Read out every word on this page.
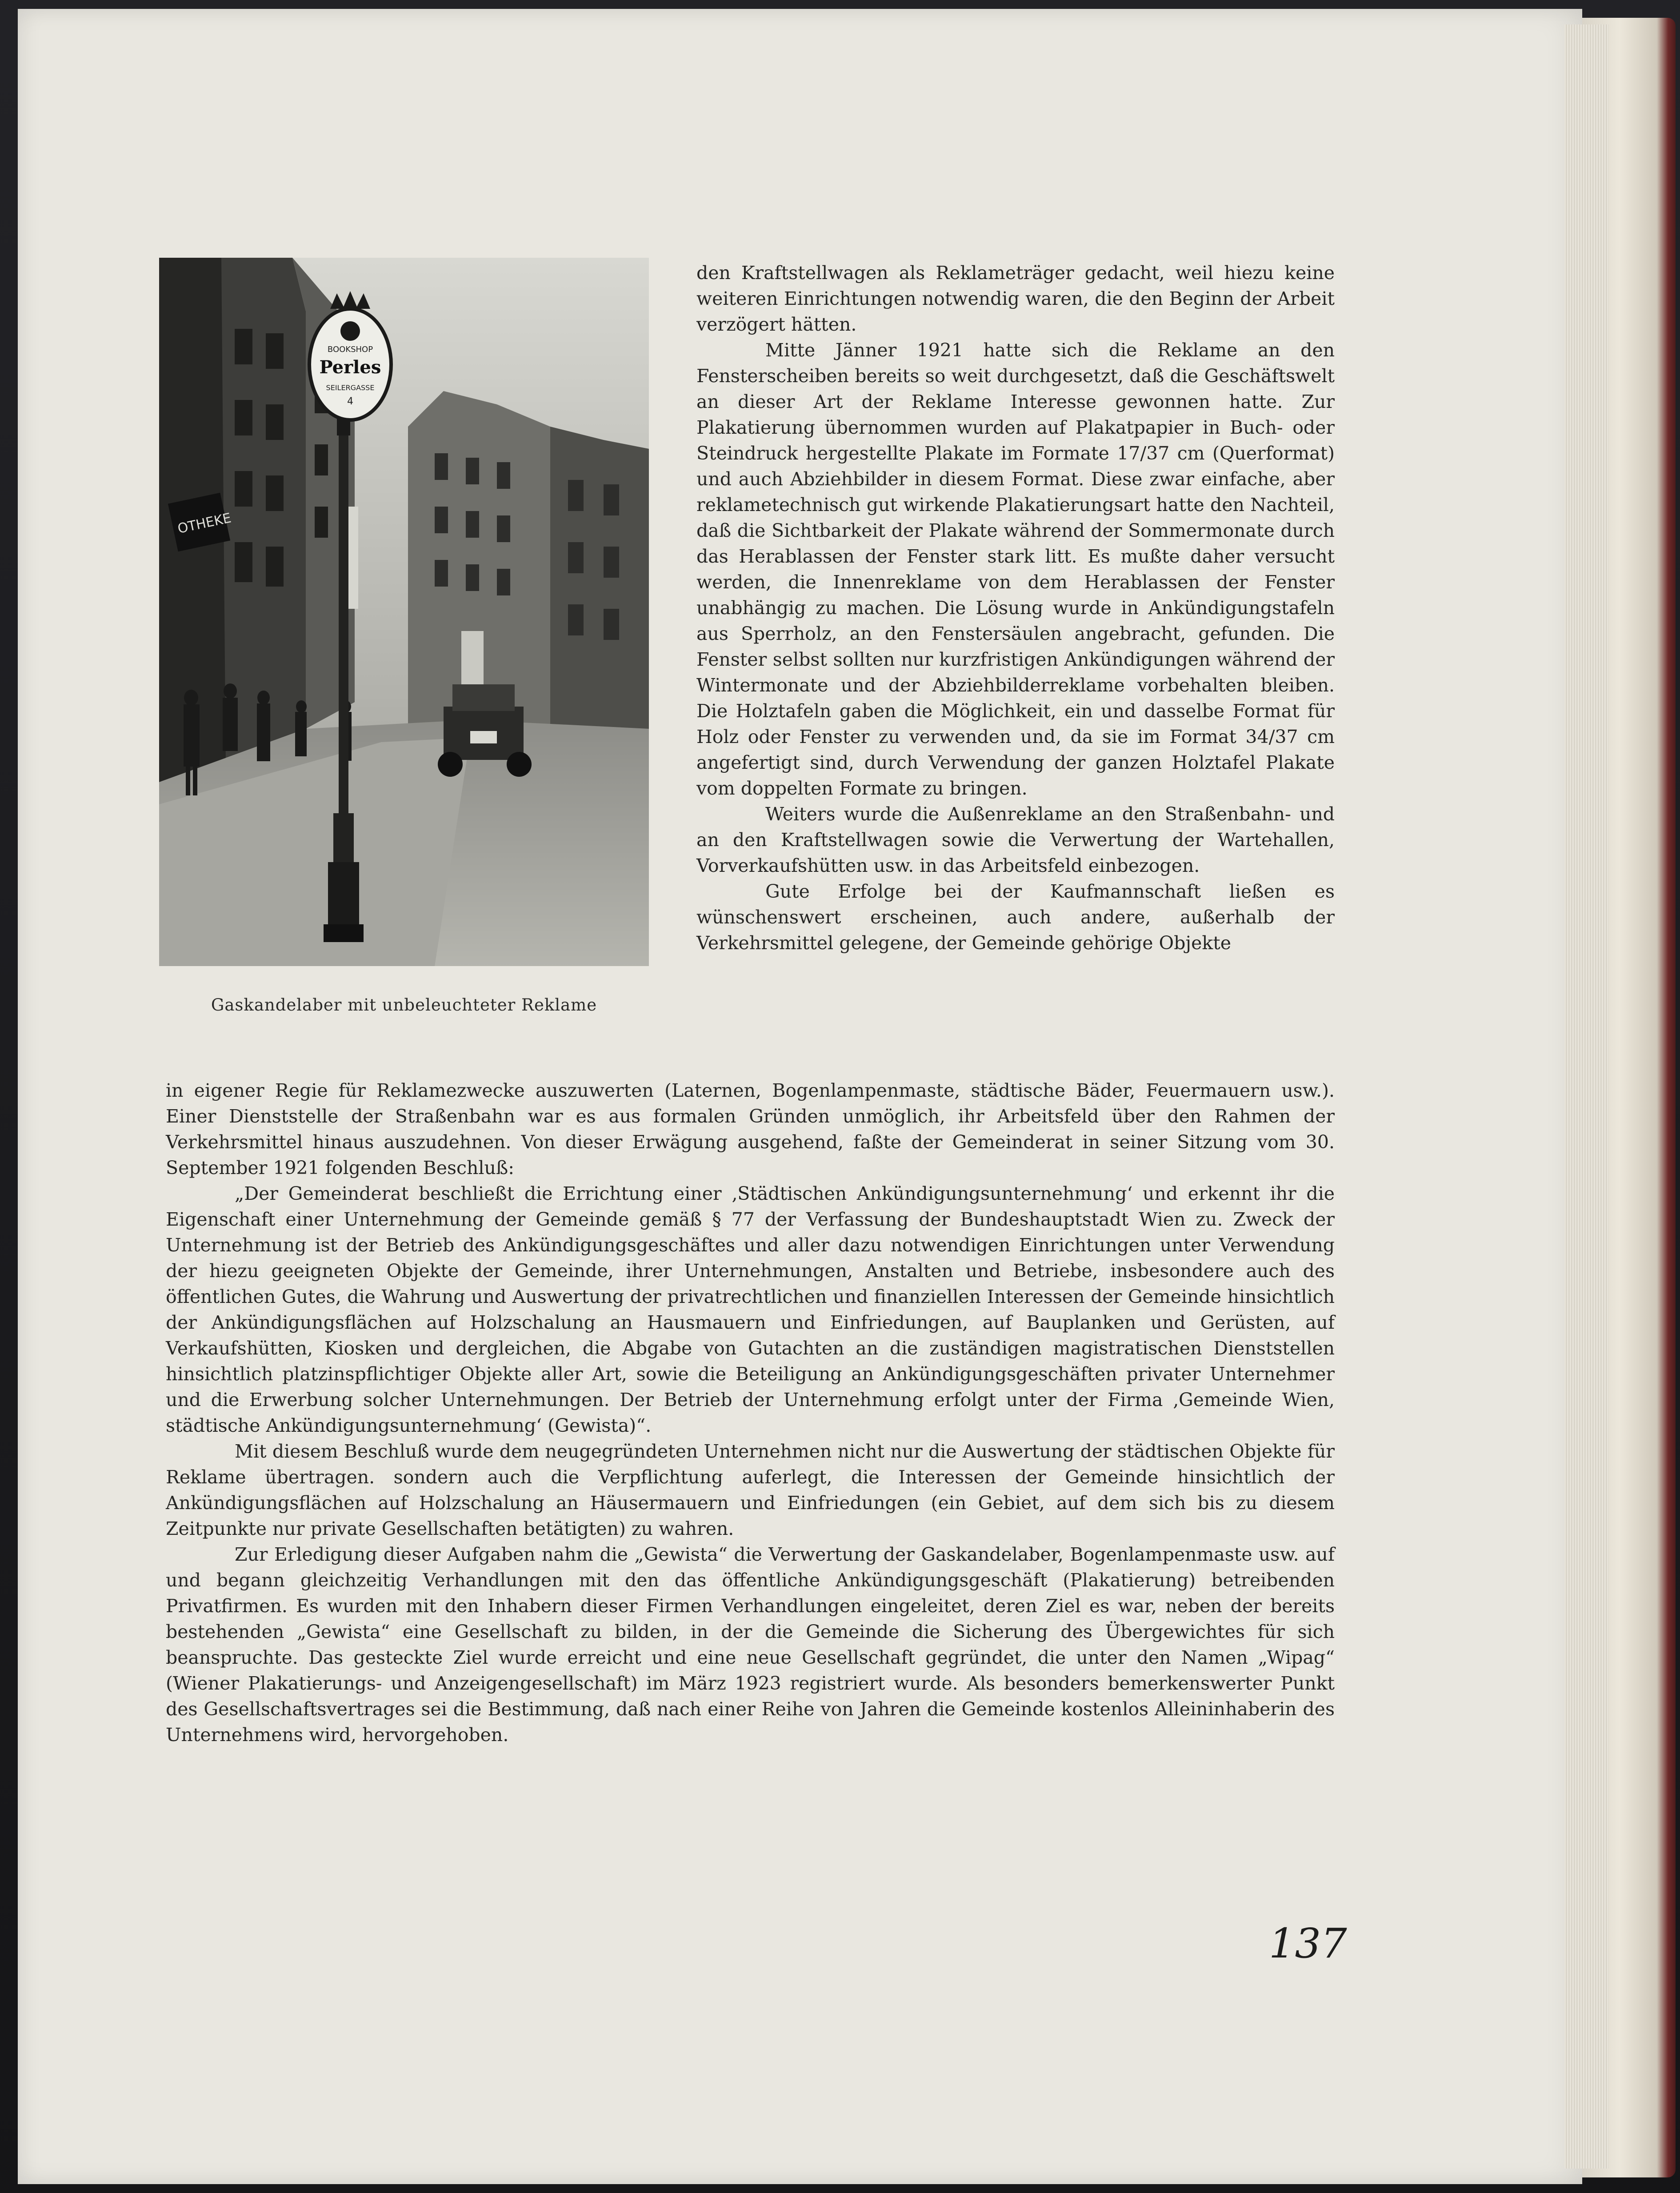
OTHEKE
BOOKSHOP
Perles
SEILERGASSE
4
Gaskandelaber mit unbeleuchteter Reklame

den Kraftstellwagen als Reklameträger gedacht, weil hiezu keine weiteren Einrichtungen notwendig waren, die den Beginn der Arbeit verzögert hätten.

Mitte Jänner 1921 hatte sich die Reklame an den Fensterscheiben bereits so weit durchgesetzt, daß die Geschäftswelt an dieser Art der Reklame Interesse gewonnen hatte. Zur Plakatierung übernommen wurden auf Plakatpapier in Buch- oder Steindruck hergestellte Plakate im Formate 17/37 cm (Querformat) und auch Abziehbilder in diesem Format. Diese zwar einfache, aber reklametechnisch gut wirkende Plakatierungsart hatte den Nachteil, daß die Sichtbarkeit der Plakate während der Sommermonate durch das Herablassen der Fenster stark litt. Es mußte daher versucht werden, die Innenreklame von dem Herablassen der Fenster unabhängig zu machen. Die Lösung wurde in Ankündigungstafeln aus Sperrholz, an den Fenstersäulen angebracht, gefunden. Die Fenster selbst sollten nur kurzfristigen Ankündigungen während der Wintermonate und der Abziehbilderreklame vorbehalten bleiben. Die Holztafeln gaben die Möglichkeit, ein und dasselbe Format für Holz oder Fenster zu verwenden und, da sie im Format 34/37 cm angefertigt sind, durch Verwendung der ganzen Holztafel Plakate vom doppelten Formate zu bringen.

Weiters wurde die Außenreklame an den Straßenbahn- und an den Kraftstellwagen sowie die Verwertung der Wartehallen, Vorverkaufshütten usw. in das Arbeitsfeld einbezogen.

Gute Erfolge bei der Kaufmannschaft ließen es wünschenswert erscheinen, auch andere, außerhalb der Verkehrsmittel gelegene, der Gemeinde gehörige Objekte

in eigener Regie für Reklamezwecke auszuwerten (Laternen, Bogenlampenmaste, städtische Bäder, Feuermauern usw.). Einer Dienststelle der Straßenbahn war es aus formalen Gründen unmöglich, ihr Arbeitsfeld über den Rahmen der Verkehrsmittel hinaus auszudehnen. Von dieser Erwägung ausgehend, faßte der Gemeinderat in seiner Sitzung vom 30. September 1921 folgenden Beschluß:

„Der Gemeinderat beschließt die Errichtung einer ‚Städtischen Ankündigungsunternehmung‘ und erkennt ihr die Eigenschaft einer Unternehmung der Gemeinde gemäß § 77 der Verfassung der Bundeshauptstadt Wien zu. Zweck der Unternehmung ist der Betrieb des Ankündigungsgeschäftes und aller dazu notwendigen Einrichtungen unter Verwendung der hiezu geeigneten Objekte der Gemeinde, ihrer Unternehmungen, Anstalten und Betriebe, insbesondere auch des öffentlichen Gutes, die Wahrung und Auswertung der privatrechtlichen und finanziellen Interessen der Gemeinde hinsichtlich der Ankündigungsflächen auf Holzschalung an Hausmauern und Einfriedungen, auf Bauplanken und Gerüsten, auf Verkaufshütten, Kiosken und dergleichen, die Abgabe von Gutachten an die zuständigen magistratischen Dienststellen hinsichtlich platzinspflichtiger Objekte aller Art, sowie die Beteiligung an Ankündigungsgeschäften privater Unternehmer und die Erwerbung solcher Unternehmungen. Der Betrieb der Unternehmung erfolgt unter der Firma ‚Gemeinde Wien, städtische Ankündigungsunternehmung‘ (Gewista)“.

Mit diesem Beschluß wurde dem neugegründeten Unternehmen nicht nur die Auswertung der städtischen Objekte für Reklame übertragen. sondern auch die Verpflichtung auferlegt, die Interessen der Gemeinde hinsichtlich der Ankündigungsflächen auf Holzschalung an Häusermauern und Einfriedungen (ein Gebiet, auf dem sich bis zu diesem Zeitpunkte nur private Gesellschaften betätigten) zu wahren.

Zur Erledigung dieser Aufgaben nahm die „Gewista“ die Verwertung der Gaskandelaber, Bogenlampenmaste usw. auf und begann gleichzeitig Verhandlungen mit den das öffentliche Ankündigungsgeschäft (Plakatierung) betreibenden Privatfirmen. Es wurden mit den Inhabern dieser Firmen Verhandlungen eingeleitet, deren Ziel es war, neben der bereits bestehenden „Gewista“ eine Gesellschaft zu bilden, in der die Gemeinde die Sicherung des Übergewichtes für sich beanspruchte. Das gesteckte Ziel wurde erreicht und eine neue Gesellschaft gegründet, die unter den Namen „Wipag“ (Wiener Plakatierungs- und Anzeigengesellschaft) im März 1923 registriert wurde. Als besonders bemerkenswerter Punkt des Gesellschaftsvertrages sei die Bestimmung, daß nach einer Reihe von Jahren die Gemeinde kostenlos Alleininhaberin des Unternehmens wird, hervorgehoben.

137
